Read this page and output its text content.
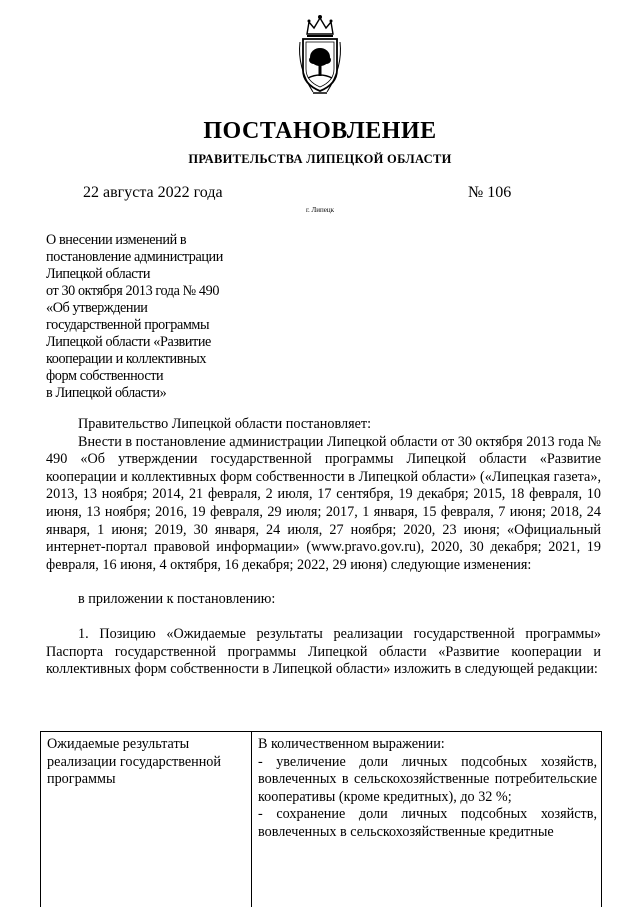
ПОСТАНОВЛЕНИЕ
ПРАВИТЕЛЬСТВА ЛИПЕЦКОЙ ОБЛАСТИ
22 августа 2022 года	№ 106
г. Липецк
О внесении изменений в
постановление администрации
Липецкой области
от 30 октября 2013 года № 490
«Об утверждении
государственной программы
Липецкой области «Развитие
кооперации и коллективных
форм собственности
в Липецкой области»

Правительство Липецкой области постановляет:

Внести в постановление администрации Липецкой области от 30 октября 2013 года № 490 «Об утверждении государственной программы Липецкой области «Развитие кооперации и коллективных форм собственности в Липецкой области» («Липецкая газета», 2013, 13 ноября; 2014, 21 февраля, 2 июля, 17 сентября, 19 декабря; 2015, 18 февраля, 10 июня, 13 ноября; 2016, 19 февраля, 29 июля; 2017, 1 января, 15 февраля, 7 июня; 2018, 24 января, 1 июня; 2019, 30 января, 24 июля, 27 ноября; 2020, 23 июня; «Официальный интернет-портал правовой информации» (www.pravo.gov.ru), 2020, 30 декабря; 2021, 19 февраля, 16 июня, 4 октября, 16 декабря; 2022, 29 июня) следующие изменения:

в приложении к постановлению:

1. Позицию «Ожидаемые результаты реализации государственной программы» Паспорта государственной программы Липецкой области «Развитие кооперации и коллективных форм собственности в Липецкой области» изложить в следующей редакции:

Ожидаемые результаты реализации государственной программы
В количественном выражении:
- увеличение доли личных подсобных хозяйств, вовлеченных в сельскохозяйственные потребительские кооперативы (кроме кредитных), до 32 %;
- сохранение доли личных подсобных хозяйств, вовлеченных в сельскохозяйственные кредитные
